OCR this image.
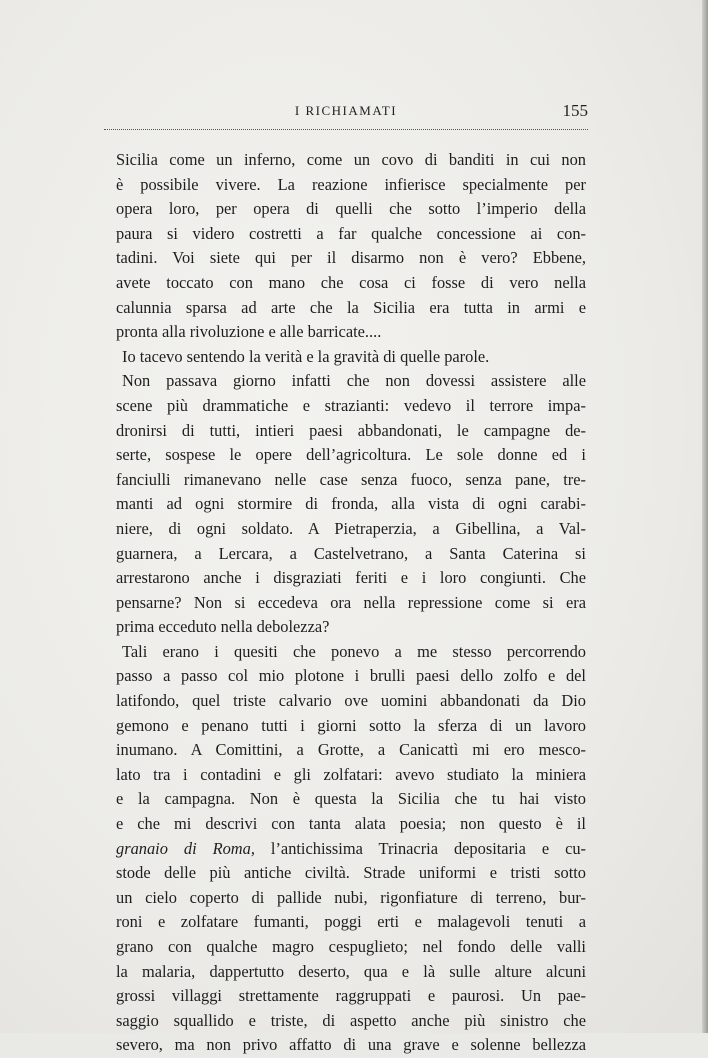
I RICHIAMATI	155
Sicilia come un inferno, come un covo di banditi in cui non
è possibile vivere. La reazione infierisce specialmente per
opera loro, per opera di quelli che sotto l’imperio della
paura si videro costretti a far qualche concessione ai con-
tadini. Voi siete qui per il disarmo non è vero? Ebbene,
avete toccato con mano che cosa ci fosse di vero nella
calunnia sparsa ad arte che la Sicilia era tutta in armi e
pronta alla rivoluzione e alle barricate....
Io tacevo sentendo la verità e la gravità di quelle parole.
Non passava giorno infatti che non dovessi assistere alle
scene più drammatiche e strazianti: vedevo il terrore impa-
dronirsi di tutti, intieri paesi abbandonati, le campagne de-
serte, sospese le opere dell’agricoltura. Le sole donne ed i
fanciulli rimanevano nelle case senza fuoco, senza pane, tre-
manti ad ogni stormire di fronda, alla vista di ogni carabi-
niere, di ogni soldato. A Pietraperzia, a Gibellina, a Val-
guarnera, a Lercara, a Castelvetrano, a Santa Caterina si
arrestarono anche i disgraziati feriti e i loro congiunti. Che
pensarne? Non si eccedeva ora nella repressione come si era
prima ecceduto nella debolezza?
Tali erano i quesiti che ponevo a me stesso percorrendo
passo a passo col mio plotone i brulli paesi dello zolfo e del
latifondo, quel triste calvario ove uomini abbandonati da Dio
gemono e penano tutti i giorni sotto la sferza di un lavoro
inumano. A Comittini, a Grotte, a Canicattì mi ero mesco-
lato tra i contadini e gli zolfatari: avevo studiato la miniera
e la campagna. Non è questa la Sicilia che tu hai visto
e che mi descrivi con tanta alata poesia; non questo è il
granaio di Roma, l’antichissima Trinacria depositaria e cu-
stode delle più antiche civiltà. Strade uniformi e tristi sotto
un cielo coperto di pallide nubi, rigonfiature di terreno, bur-
roni e zolfatare fumanti, poggi erti e malagevoli tenuti a
grano con qualche magro cespuglieto; nel fondo delle valli
la malaria, dappertutto deserto, qua e là sulle alture alcuni
grossi villaggi strettamente raggruppati e paurosi. Un pae-
saggio squallido e triste, di aspetto anche più sinistro che
severo, ma non privo affatto di una grave e solenne bellezza
